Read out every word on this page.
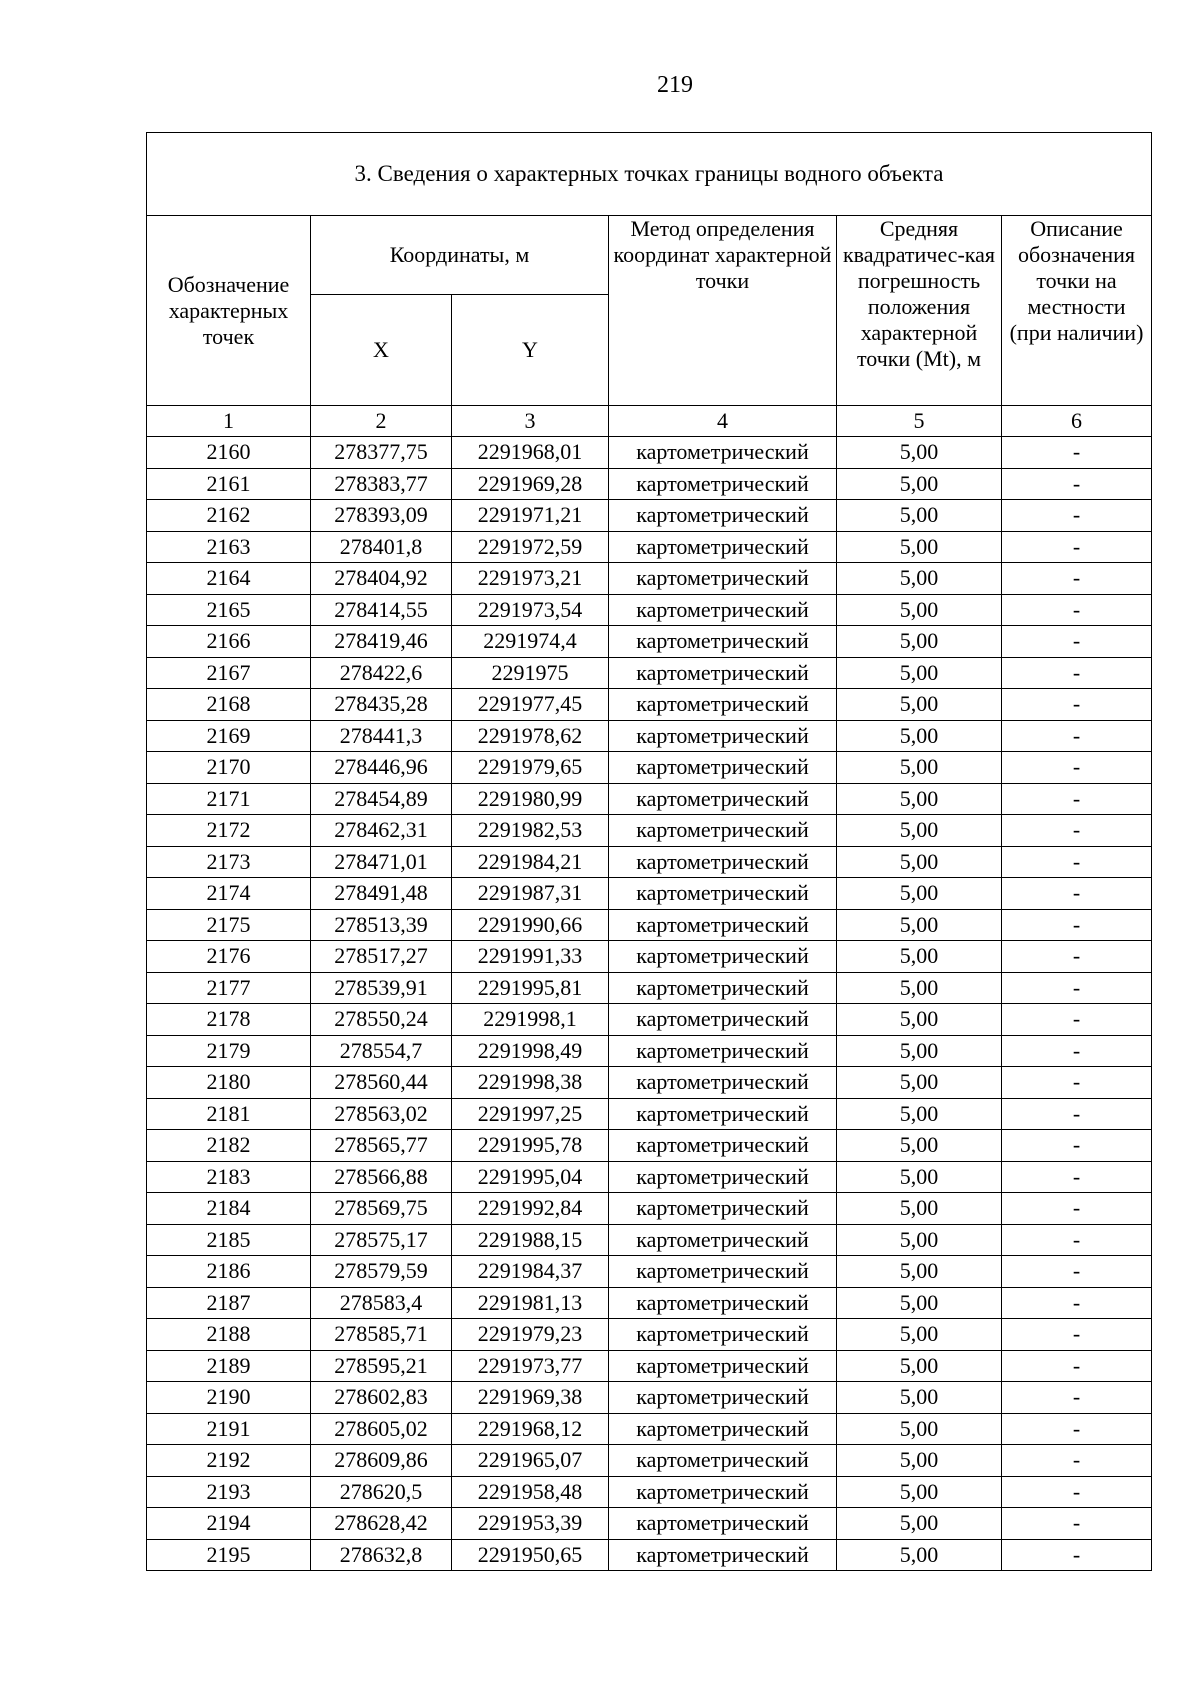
219
3. Сведения о характерных точках границы водного объекта					
Обозначение характерных точек	Координаты, м		Метод определения координат характерной точки	Средняя квадратичес-кая погрешность положения характерной точки (Mt), м	Описание обозначения точки на местности (при наличии)
	X	Y			
1	2	3	4	5	6
2160	278377,75	2291968,01	картометрический	5,00	-
2161	278383,77	2291969,28	картометрический	5,00	-
2162	278393,09	2291971,21	картометрический	5,00	-
2163	278401,8	2291972,59	картометрический	5,00	-
2164	278404,92	2291973,21	картометрический	5,00	-
2165	278414,55	2291973,54	картометрический	5,00	-
2166	278419,46	2291974,4	картометрический	5,00	-
2167	278422,6	2291975	картометрический	5,00	-
2168	278435,28	2291977,45	картометрический	5,00	-
2169	278441,3	2291978,62	картометрический	5,00	-
2170	278446,96	2291979,65	картометрический	5,00	-
2171	278454,89	2291980,99	картометрический	5,00	-
2172	278462,31	2291982,53	картометрический	5,00	-
2173	278471,01	2291984,21	картометрический	5,00	-
2174	278491,48	2291987,31	картометрический	5,00	-
2175	278513,39	2291990,66	картометрический	5,00	-
2176	278517,27	2291991,33	картометрический	5,00	-
2177	278539,91	2291995,81	картометрический	5,00	-
2178	278550,24	2291998,1	картометрический	5,00	-
2179	278554,7	2291998,49	картометрический	5,00	-
2180	278560,44	2291998,38	картометрический	5,00	-
2181	278563,02	2291997,25	картометрический	5,00	-
2182	278565,77	2291995,78	картометрический	5,00	-
2183	278566,88	2291995,04	картометрический	5,00	-
2184	278569,75	2291992,84	картометрический	5,00	-
2185	278575,17	2291988,15	картометрический	5,00	-
2186	278579,59	2291984,37	картометрический	5,00	-
2187	278583,4	2291981,13	картометрический	5,00	-
2188	278585,71	2291979,23	картометрический	5,00	-
2189	278595,21	2291973,77	картометрический	5,00	-
2190	278602,83	2291969,38	картометрический	5,00	-
2191	278605,02	2291968,12	картометрический	5,00	-
2192	278609,86	2291965,07	картометрический	5,00	-
2193	278620,5	2291958,48	картометрический	5,00	-
2194	278628,42	2291953,39	картометрический	5,00	-
2195	278632,8	2291950,65	картометрический	5,00	-
